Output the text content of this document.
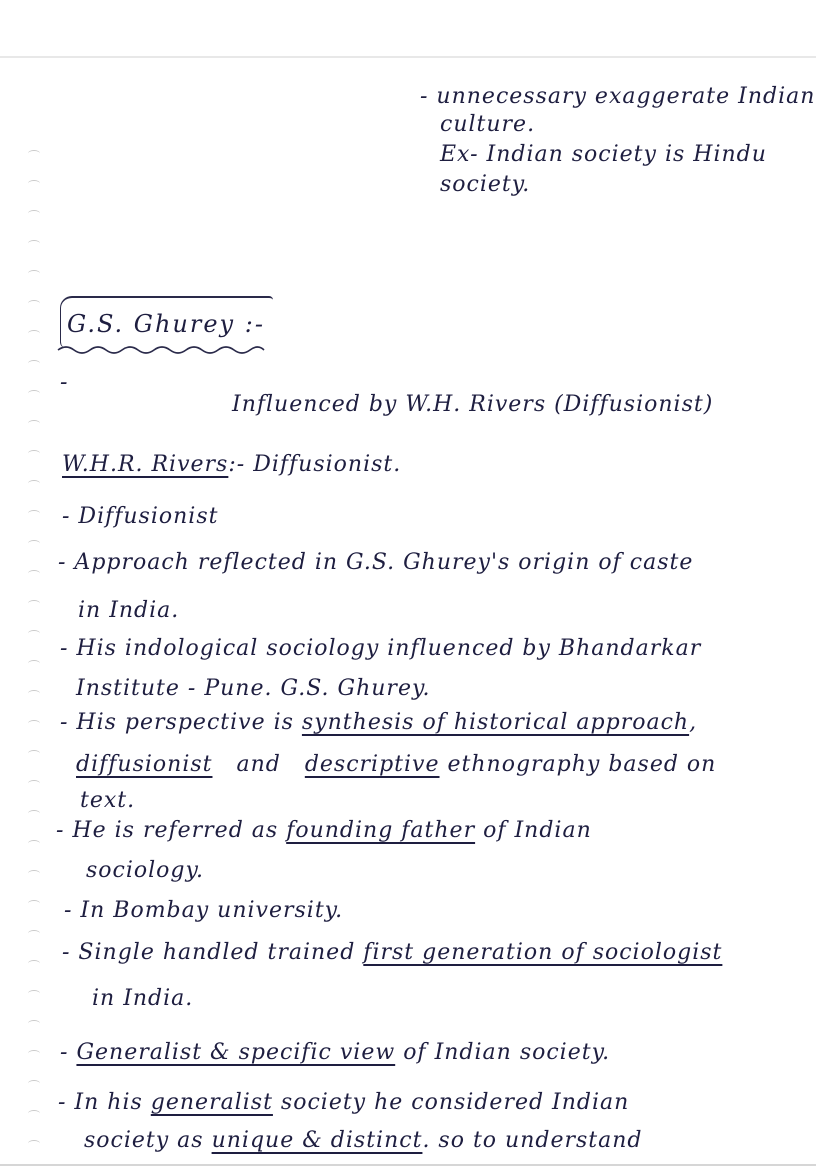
- unnecessary exaggerate Indian
culture.
Ex- Indian society is Hindu
society.
G.S. Ghurey :-
-
Influenced by W.H. Rivers (Diffusionist)
W.H.R. Rivers:- Diffusionist.
- Diffusionist
- Approach reflected in G.S. Ghurey's origin of caste
in India.
- His indological sociology influenced by Bhandarkar
Institute - Pune. G.S. Ghurey.
- His perspective is synthesis of historical approach,
diffusionist and descriptive ethnography based on
text.
- He is referred as founding father of Indian
sociology.
- In Bombay university.
- Single handled trained first generation of sociologist
in India.
- Generalist & specific view of Indian society.
- In his generalist society he considered Indian
society as unique & distinct. so to understand
